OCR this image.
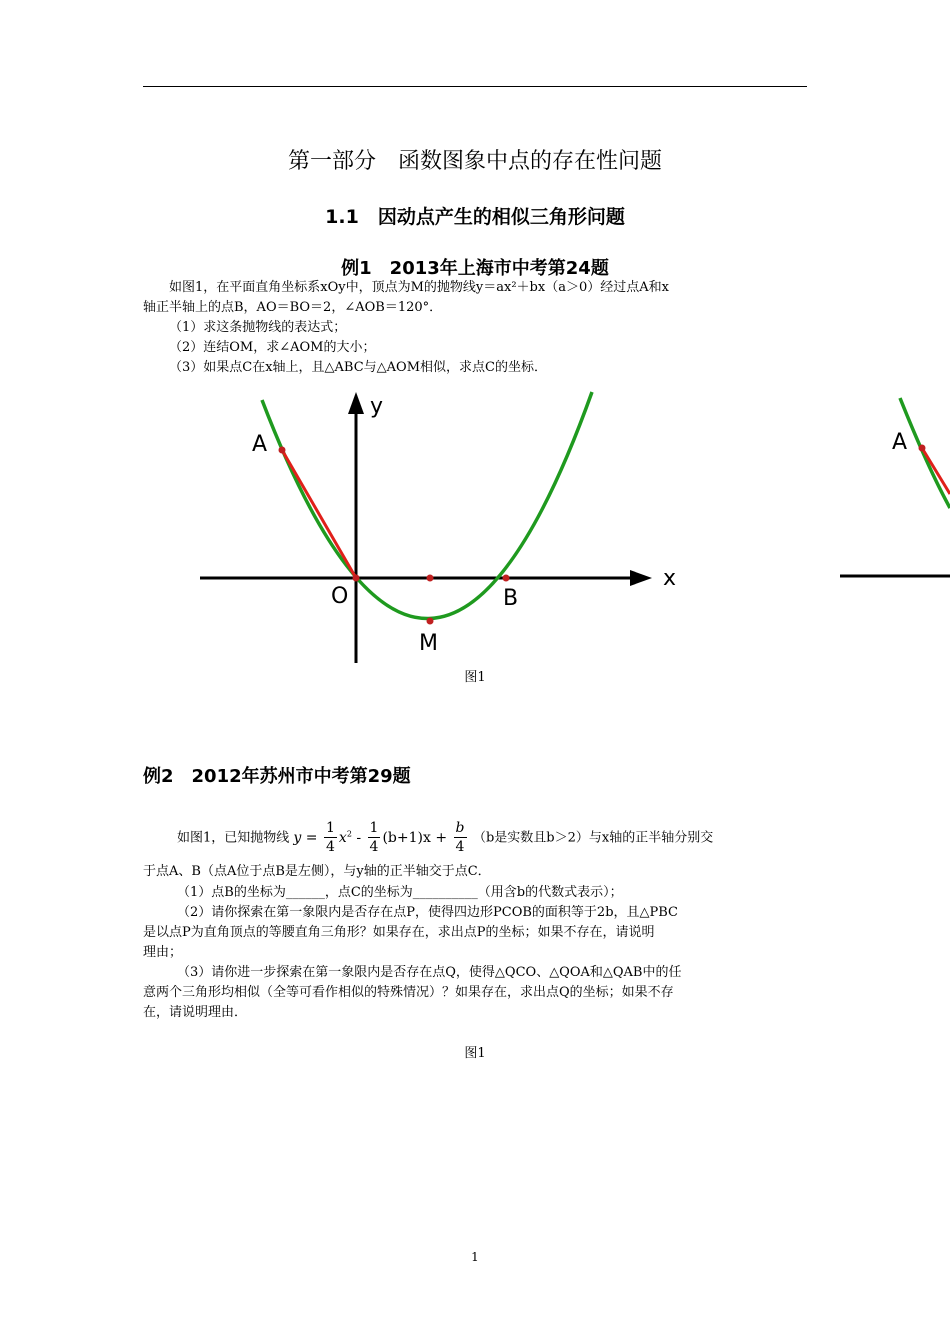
第一部分　函数图象中点的存在性问题
1.1　因动点产生的相似三角形问题
例1　2013年上海市中考第24题
如图1，在平面直角坐标系xOy中，顶点为M的抛物线y＝ax²＋bx（a＞0）经过点A和x
轴正半轴上的点B，AO＝BO＝2，∠AOB＝120°．
（1）求这条抛物线的表达式；
（2）连结OM，求∠AOM的大小；
（3）如果点C在x轴上，且△ABC与△AOM相似，求点C的坐标．
A
O	B
M
x
y
A
图1
例2　2012年苏州市中考第29题
如图1，已知抛物线 $y = \frac{1}{4} x^2 - \frac{1}{4} (b+1)x + \frac{b}{4} (b$是实数且b＞2）与x轴的正半轴分别交
于点A、B（点A位于点B是左侧），与y轴的正半轴交于点C．
（1）点B的坐标为______，点C的坐标为__________（用含b的代数式表示）；
（2）请你探索在第一象限内是否存在点P，使得四边形PCOB的面积等于2b，且△PBC
是以点P为直角顶点的等腰直角三角形？如果存在，求出点P的坐标；如果不存在，请说明
理由；
（3）请你进一步探索在第一象限内是否存在点Q，使得△QCO、△QOA和△QAB中的任
意两个三角形均相似（全等可看作相似的特殊情况）？如果存在，求出点Q的坐标；如果不存
在，请说明理由．
图1
1
